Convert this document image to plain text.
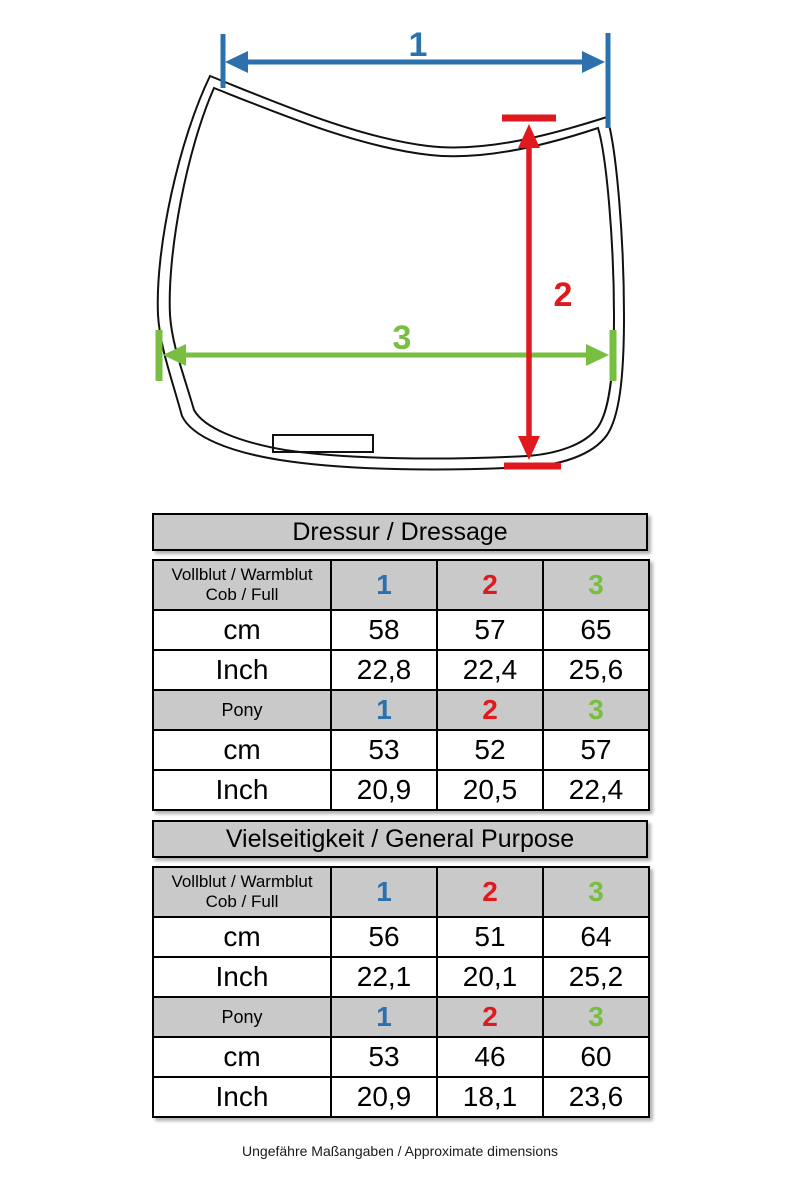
1
3
2
Dressur / Dressage
Vollblut / Warmblut
Cob / Full	1	2	3
cm	58	57	65
Inch	22,8	22,4	25,6
Pony	1	2	3
cm	53	52	57
Inch	20,9	20,5	22,4
Vielseitigkeit / General Purpose
Vollblut / Warmblut
Cob / Full	1	2	3
cm	56	51	64
Inch	22,1	20,1	25,2
Pony	1	2	3
cm	53	46	60
Inch	20,9	18,1	23,6
Ungefähre Maßangaben / Approximate dimensions
